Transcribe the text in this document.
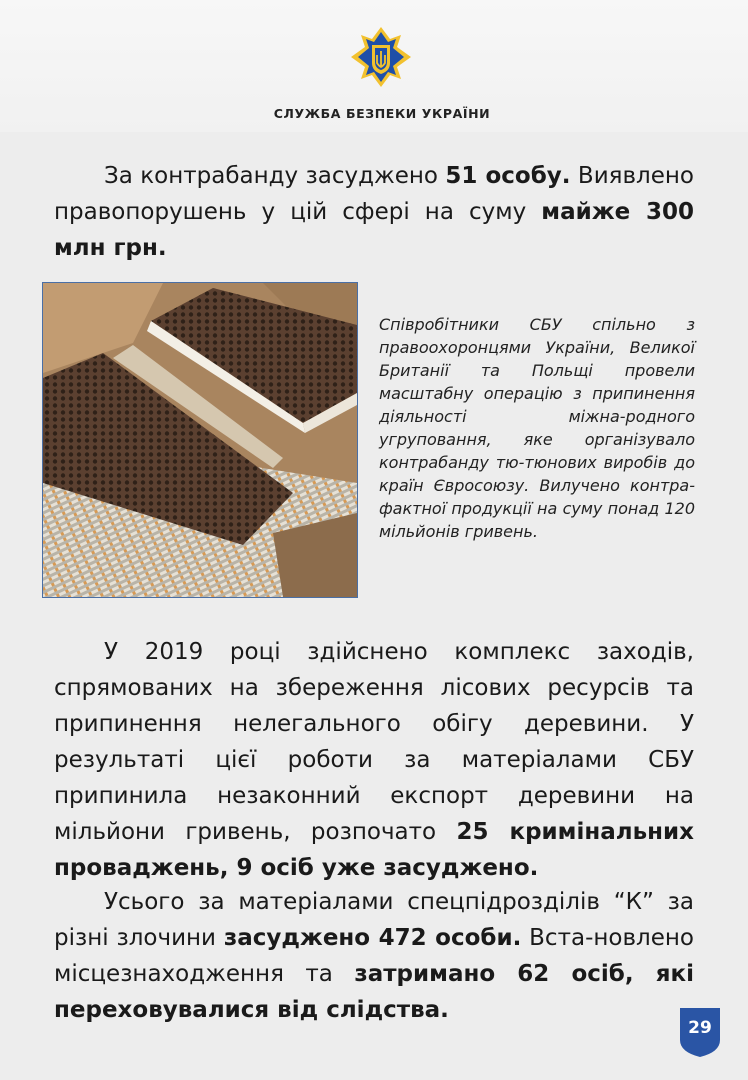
СЛУЖБА БЕЗПЕКИ УКРАЇНИ

За контрабанду засуджено 51 особу. Виявлено правопорушень у цій сфері на суму майже 300 млн грн.

Співробітники СБУ спільно з правоохоронцями України, Великої Британії та Польщі провели масштабну операцію з припинення діяльності міжна-родного угруповання, яке організувало контрабанду тю-тюнових виробів до країн Євросоюзу. Вилучено контра-фактної продукції на суму понад 120 мільйонів гривень.

У 2019 році здійснено комплекс заходів, спрямованих на збереження лісових ресурсів та припинення нелегального обігу деревини. У результаті цієї роботи за матеріалами СБУ припинила незаконний експорт деревини на мільйони гривень, розпочато 25 кримінальних проваджень, 9 осіб уже засуджено.

Усього за матеріалами спецпідрозділів “К” за різні злочини засуджено 472 особи. Вста-новлено місцезнаходження та затримано 62 осіб, які переховувалися від слідства.

29
